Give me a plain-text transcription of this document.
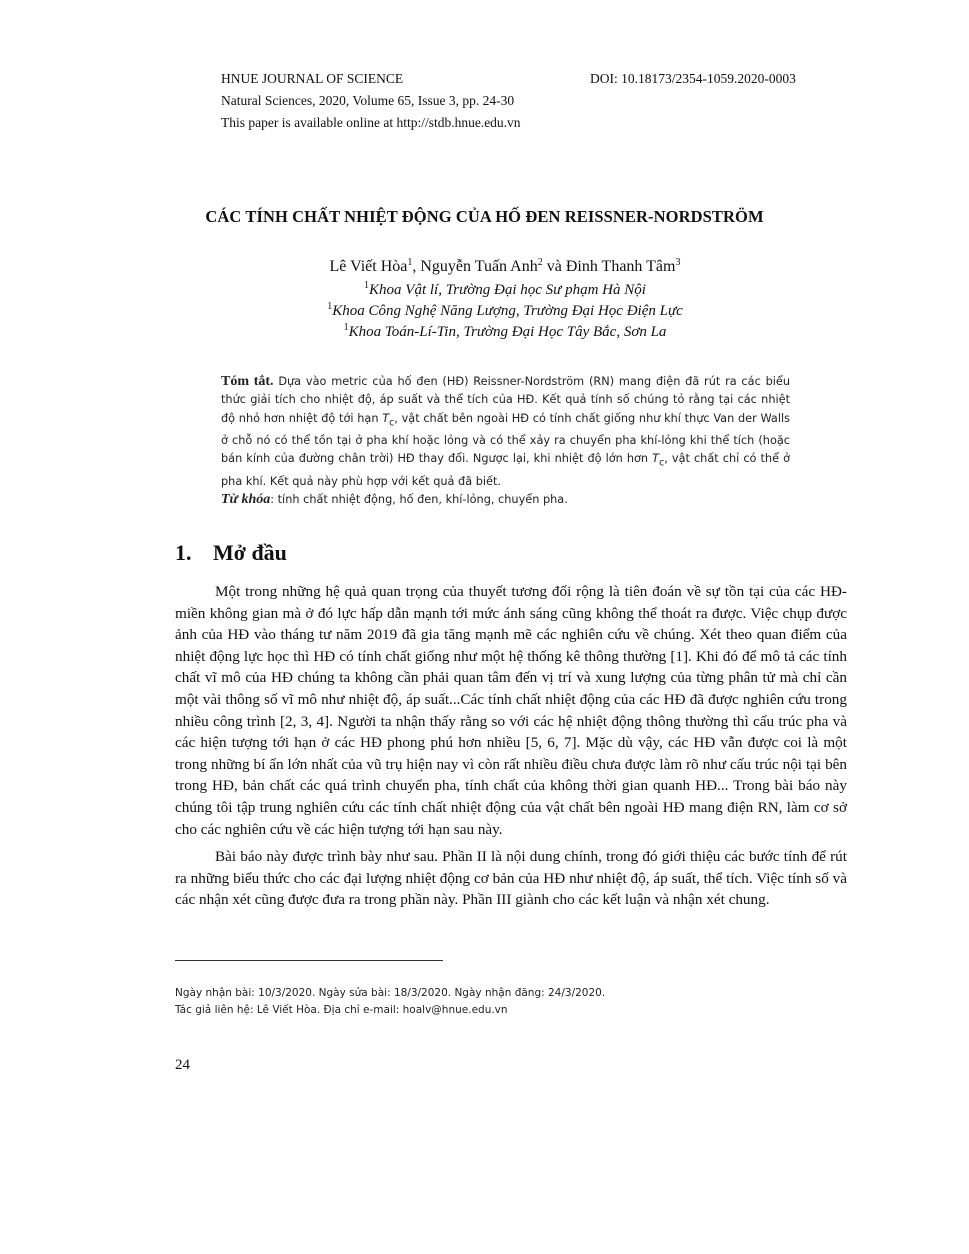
HNUE JOURNAL OF SCIENCE	DOI: 10.18173/2354-1059.2020-0003
Natural Sciences, 2020, Volume 65, Issue 3, pp. 24-30
This paper is available online at http://stdb.hnue.edu.vn
CÁC TÍNH CHẤT NHIỆT ĐỘNG CỦA HỐ ĐEN REISSNER-NORDSTRÖM
Lê Viết Hòa$^1$, Nguyễn Tuấn Anh$^2$ và Đinh Thanh Tâm$^3$
$^1$Khoa Vật lí, Trường Đại học Sư phạm Hà Nội
$^1$Khoa Công Nghệ Năng Lượng, Trường Đại Học Điện Lực
$^1$Khoa Toán-Lí-Tin, Trường Đại Học Tây Bắc, Sơn La
Tóm tắt. Dựa vào metric của hố đen (HĐ) Reissner-Nordström (RN) mang điện đã rút ra các biểu thức giải tích cho nhiệt độ, áp suất và thể tích của HĐ. Kết quả tính số chúng tỏ rằng tại các nhiệt độ nhỏ hơn nhiệt độ tới hạn $T_c$, vật chất bên ngoài HĐ có tính chất giống như khí thực Van der Walls ở chỗ nó có thể tồn tại ở pha khí hoặc lỏng và có thể xảy ra chuyển pha khí-lỏng khi thể tích (hoặc bán kính của đường chân trời) HĐ thay đổi. Ngược lại, khi nhiệt độ lớn hơn $T_c$, vật chất chỉ có thể ở pha khí. Kết quả này phù hợp với kết quả đã biết.
Từ khóa: tính chất nhiệt động, hố đen, khí-lỏng, chuyển pha.
1. Mở đầu

Một trong những hệ quả quan trọng của thuyết tương đối rộng là tiên đoán về sự tồn tại của các HĐ-miền không gian mà ở đó lực hấp dẫn mạnh tới mức ánh sáng cũng không thể thoát ra được. Việc chụp được ảnh của HĐ vào tháng tư năm 2019 đã gia tăng mạnh mẽ các nghiên cứu về chúng. Xét theo quan điểm của nhiệt động lực học thì HĐ có tính chất giống như một hệ thống kê thông thường [1]. Khi đó để mô tả các tính chất vĩ mô của HĐ chúng ta không cần phải quan tâm đến vị trí và xung lượng của từng phân tử mà chỉ cần một vài thông số vĩ mô như nhiệt độ, áp suất...Các tính chất nhiệt động của các HĐ đã được nghiên cứu trong nhiều công trình [2, 3, 4]. Người ta nhận thấy rằng so với các hệ nhiệt động thông thường thì cấu trúc pha và các hiện tượng tới hạn ở các HĐ phong phú hơn nhiều [5, 6, 7]. Mặc dù vậy, các HĐ vẫn được coi là một trong những bí ẩn lớn nhất của vũ trụ hiện nay vì còn rất nhiều điều chưa được làm rõ như cấu trúc nội tại bên trong HĐ, bản chất các quá trình chuyển pha, tính chất của không thời gian quanh HĐ... Trong bài báo này chúng tôi tập trung nghiên cứu các tính chất nhiệt động của vật chất bên ngoài HĐ mang điện RN, làm cơ sở cho các nghiên cứu về các hiện tượng tới hạn sau này.

Bài báo này được trình bày như sau. Phần II là nội dung chính, trong đó giới thiệu các bước tính để rút ra những biểu thức cho các đại lượng nhiệt động cơ bản của HĐ như nhiệt độ, áp suất, thể tích. Việc tính số và các nhận xét cũng được đưa ra trong phần này. Phần III giành cho các kết luận và nhận xét chung.

Ngày nhận bài: 10/3/2020. Ngày sửa bài: 18/3/2020. Ngày nhận đăng: 24/3/2020.
Tác giả liên hệ: Lê Viết Hòa. Địa chỉ e-mail: hoalv@hnue.edu.vn
24
